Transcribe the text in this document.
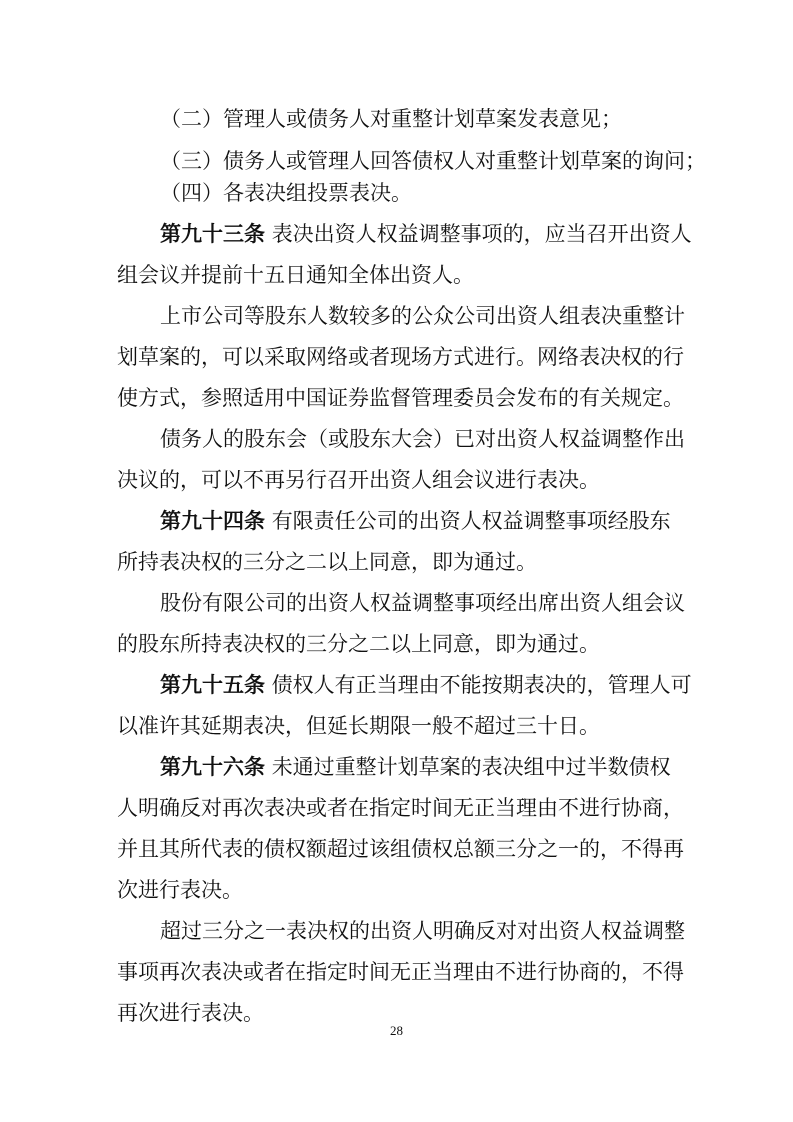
（二）管理人或债务人对重整计划草案发表意见；
（三）债务人或管理人回答债权人对重整计划草案的询问；
（四）各表决组投票表决。
第九十三条 表决出资人权益调整事项的，应当召开出资人
组会议并提前十五日通知全体出资人。
上市公司等股东人数较多的公众公司出资人组表决重整计
划草案的，可以采取网络或者现场方式进行。网络表决权的行
使方式，参照适用中国证券监督管理委员会发布的有关规定。
债务人的股东会（或股东大会）已对出资人权益调整作出
决议的，可以不再另行召开出资人组会议进行表决。
第九十四条 有限责任公司的出资人权益调整事项经股东
所持表决权的三分之二以上同意，即为通过。
股份有限公司的出资人权益调整事项经出席出资人组会议
的股东所持表决权的三分之二以上同意，即为通过。
第九十五条 债权人有正当理由不能按期表决的，管理人可
以准许其延期表决，但延长期限一般不超过三十日。
第九十六条 未通过重整计划草案的表决组中过半数债权
人明确反对再次表决或者在指定时间无正当理由不进行协商，
并且其所代表的债权额超过该组债权总额三分之一的，不得再
次进行表决。
超过三分之一表决权的出资人明确反对对出资人权益调整
事项再次表决或者在指定时间无正当理由不进行协商的，不得
再次进行表决。
28
